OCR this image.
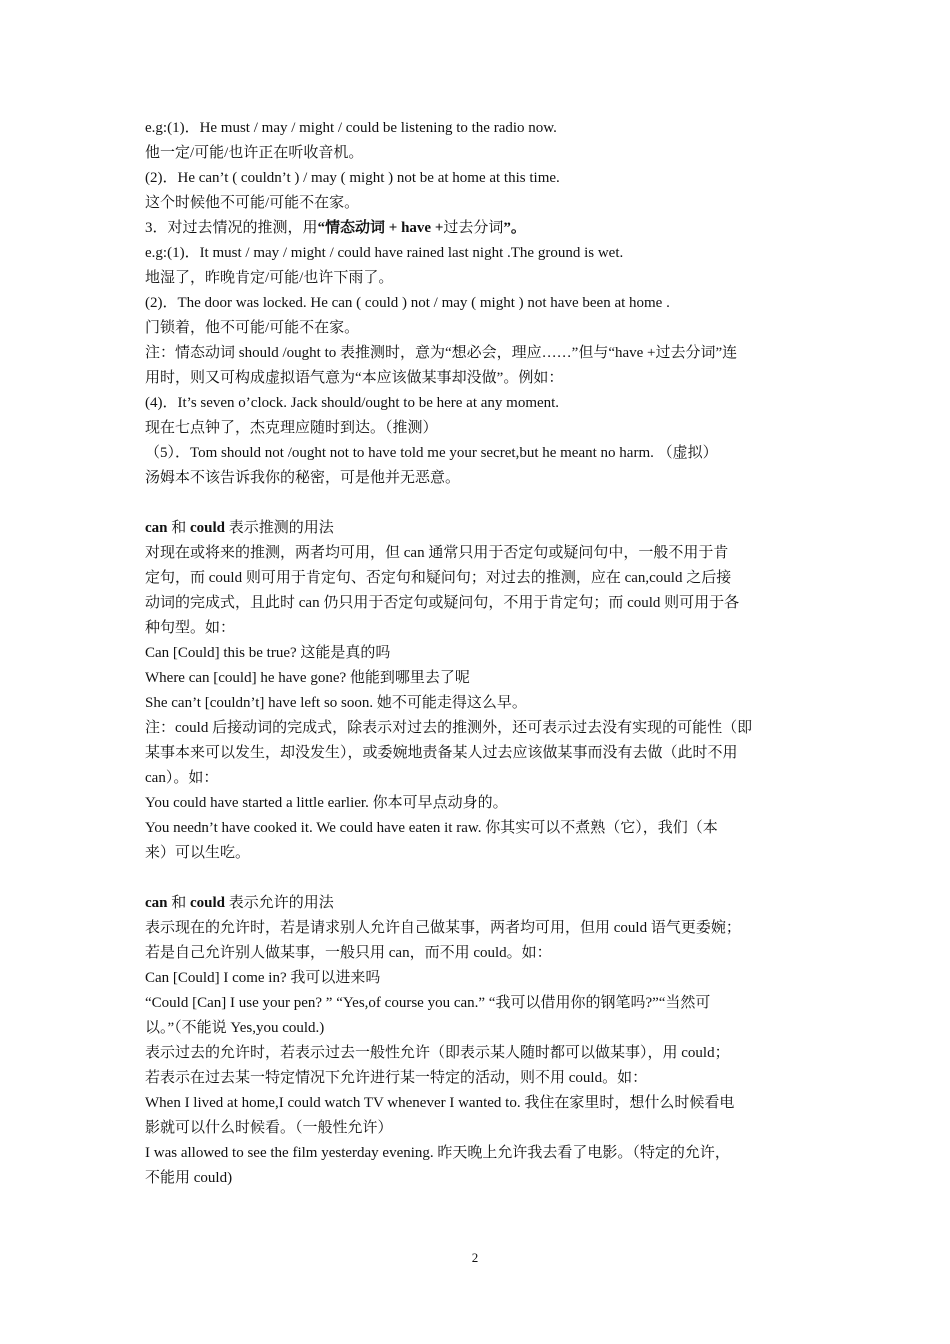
e.g:(1)．He must / may / might / could be listening to the radio now.
他一定/可能/也许正在听收音机。
(2)．He can’t ( couldn’t ) / may ( might ) not be at home at this time.
这个时候他不可能/可能不在家。
3．对过去情况的推测，用“情态动词 + have +过去分词”。
e.g:(1)．It must / may / might / could have rained last night .The ground is wet.
地湿了，昨晚肯定/可能/也许下雨了。
(2)．The door was locked. He can ( could ) not / may ( might ) not have been at home .
门锁着，他不可能/可能不在家。
注：情态动词 should /ought to 表推测时，意为“想必会，理应……”但与“have +过去分词”连
用时，则又可构成虚拟语气意为“本应该做某事却没做”。例如：
(4)．It’s seven o’clock. Jack should/ought to be here at any moment.
现在七点钟了，杰克理应随时到达。（推测）
（5）．Tom should not /ought not to have told me your secret,but he meant no harm. （虚拟）
汤姆本不该告诉我你的秘密，可是他并无恶意。
can 和 could 表示推测的用法
对现在或将来的推测，两者均可用，但 can 通常只用于否定句或疑问句中，一般不用于肯
定句，而 could 则可用于肯定句、否定句和疑问句；对过去的推测，应在 can,could 之后接
动词的完成式，且此时 can 仍只用于否定句或疑问句，不用于肯定句；而 could 则可用于各
种句型。如：
Can [Could] this be true? 这能是真的吗
Where can [could] he have gone? 他能到哪里去了呢
She can’t [couldn’t] have left so soon. 她不可能走得这么早。
注：could 后接动词的完成式，除表示对过去的推测外，还可表示过去没有实现的可能性（即
某事本来可以发生，却没发生），或委婉地责备某人过去应该做某事而没有去做（此时不用
can）。如：
You could have started a little earlier. 你本可早点动身的。
You needn’t have cooked it. We could have eaten it raw. 你其实可以不煮熟（它），我们（本
来）可以生吃。
can 和 could 表示允许的用法
表示现在的允许时，若是请求别人允许自己做某事，两者均可用，但用 could 语气更委婉；
若是自己允许别人做某事，一般只用 can，而不用 could。如：
Can [Could] I come in? 我可以进来吗
“Could [Can] I use your pen? ” “Yes,of course you can.” “我可以借用你的钢笔吗?”“当然可
以。”（不能说 Yes,you could.)
表示过去的允许时，若表示过去一般性允许（即表示某人随时都可以做某事），用 could；
若表示在过去某一特定情况下允许进行某一特定的活动，则不用 could。如：
When I lived at home,I could watch TV whenever I wanted to. 我住在家里时，想什么时候看电
影就可以什么时候看。（一般性允许）
I was allowed to see the film yesterday evening. 昨天晚上允许我去看了电影。（特定的允许，
不能用 could)
2
